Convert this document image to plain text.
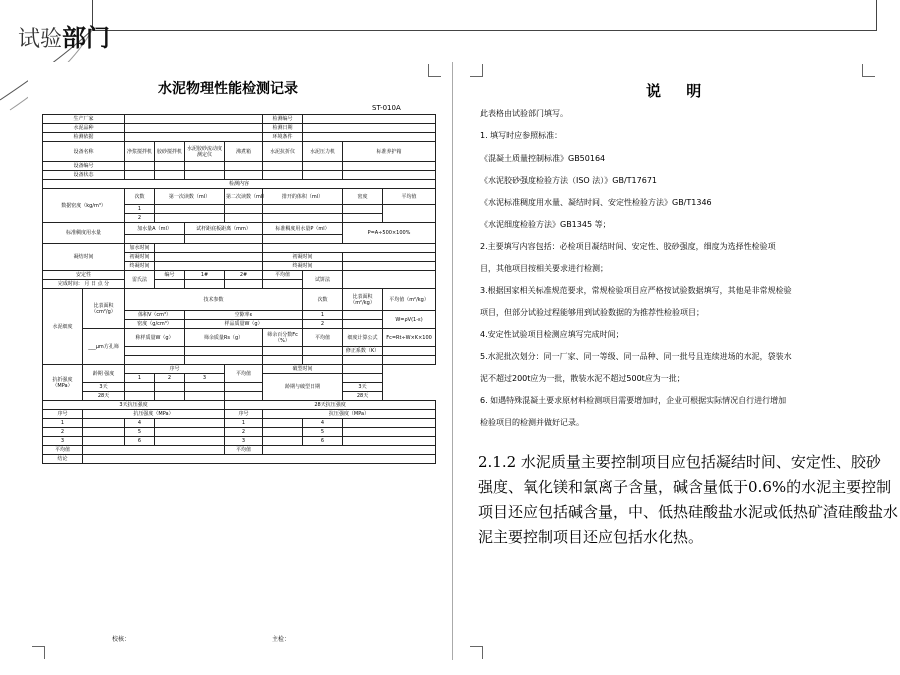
试验部门
水泥物理性能检测记录
ST-010A
生产厂家						检测编号			
水泥品种						检测日期			
检测依据						环境条件			
设备名称		净浆搅拌机	胶砂搅拌机	水泥胶砂流动度测定仪	沸煮箱	水泥抗折仪	水泥压力机	标准养护箱	
设备编号									
设备状态									
检测内容									
数据密度（kg/m³）		次数	第一次读数（ml）		第二次读数（ml）	排开的体积（ml）		密度	平均值
		1							
		2							
标准稠度用水量		加水量A（ml）		试杆距底板距离（mm）		标准稠度用水量P（ml）		P=A÷500×100%	

凝结时间		加水时间							
		初凝时间				初凝时间			
		终凝时间				终凝时间			
安定性		雷氏法	编号	1#	2#	平均值	试饼法		
完成时间： 月 日 点 分									
水泥细度	比表面积（cm²/g）	技术参数					次数	比表面积（m²/kg）	平均值（m²/kg）
		体积V（cm³）		空隙率ε			1		W=ρV(1-ε)
		密度（g/cm³）		样品质量W（g）			2		
	___μm方孔筛	称样质量W（g）		筛余质量Rs（g）		筛余百分数Fc（%）	平均值	细度计算公式	Fc=Rt÷W×K×100
								修正系数（K）	

抗折强度（MPa）	龄期 强度	序号			平均值	破型时间			
		1	2	3		龄期与破型日期			
	3天							3天	
	28天							28天	
3天抗压强度					28天抗压强度				
序号	抗压强度（MPa）				序号	抗压强度（MPa）			
1		4			1		4		
2		5			2		5		
3		6			3		6		
平均值					平均值				
结论									
校核：	主检：
说 明
此表格由试验部门填写。
1. 填写时应参照标准：
《混凝土质量控制标准》GB50164
《水泥胶砂强度检验方法（ISO 法）》GB/T17671
《水泥标准稠度用水量、凝结时间、安定性检验方法》GB/T1346
《水泥细度检验方法》GB1345 等；
2.主要填写内容包括：必检项目凝结时间、安定性、胶砂强度，细度为选择性检验项
目，其他项目按相关要求进行检测；
3.根据国家相关标准规范要求，常规检验项目应严格按试验数据填写，其他是非常规检验
项目，但部分试验过程能够用到试验数据的为推荐性检验项目；
4.安定性试验项目检测应填写完成时间；
5.水泥批次划分：同一厂家、同一等级、同一品种、同一批号且连续进场的水泥，袋装水
泥不超过200t应为一批，散装水泥不超过500t应为一批；
6. 如遇特殊混凝土要求原材料检测项目需要增加时，企业可根据实际情况自行进行增加
检验项目的检测并做好记录。

2.1.2 水泥质量主要控制项目应包括凝结时间、安定性、胶砂

强度、氧化镁和氯离子含量，碱含量低于0.6%的水泥主要控制

项目还应包括碱含量，中、低热硅酸盐水泥或低热矿渣硅酸盐水

泥主要控制项目还应包括水化热。
